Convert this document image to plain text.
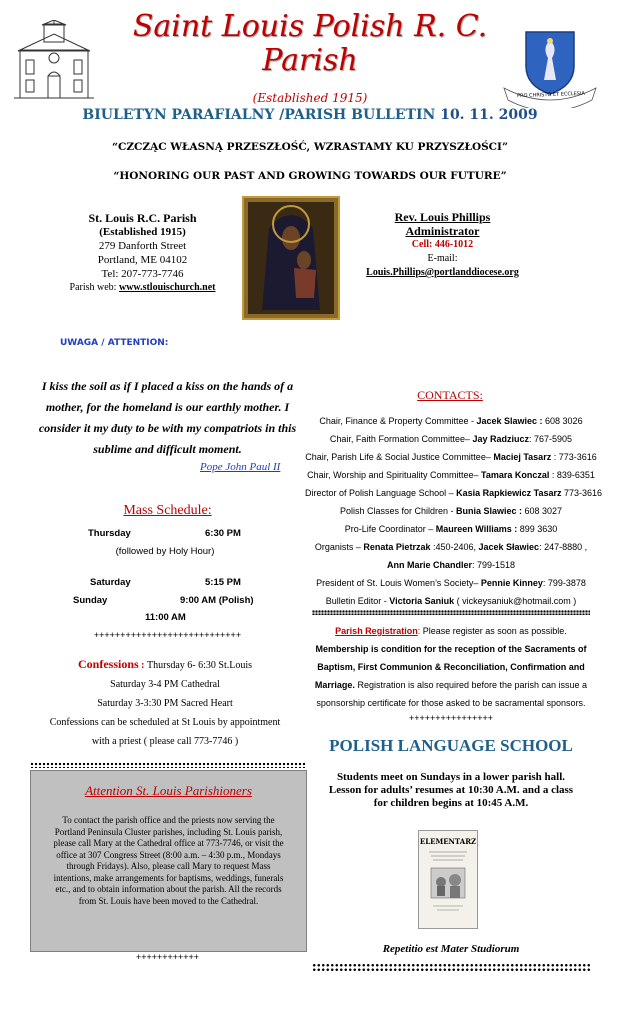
Saint Louis Polish R. C.
Parish
(Established 1915)	PRO CHRISTO ET ECCLESIA
BIULETYN PARAFIALNY /PARISH BULLETIN 10. 11. 2009
“CZCZĄC WŁASNĄ PRZESZŁOŚĆ, WZRASTAMY KU PRZYSZŁOŚCI”
“HONORING OUR PAST AND GROWING TOWARDS OUR FUTURE”
St. Louis R.C. Parish
(Established 1915)
279 Danforth Street
Portland, ME 04102
Tel: 207-773-7746
Parish web: www.stlouischurch.net
Rev. Louis Phillips
Administrator
Cell: 446-1012
E-mail:
Louis.Phillips@portlanddiocese.org
UWAGA / ATTENTION:
I kiss the soil as if I placed a kiss on the hands of a
mother, for the homeland is our earthly mother. I
consider it my duty to be with my compatriots in this
sublime and difficult moment.
Pope John Paul II
Mass Schedule:
Thursday	6:30 PM
(followed by Holy Hour)
Saturday	5:15 PM
Sunday	9:00 AM (Polish)
11:00 AM
++++++++++++++++++++++++++++
Confessions : Thursday 6- 6:30 St.Louis
Saturday 3-4 PM Cathedral
Saturday 3-3:30 PM Sacred Heart
Confessions can be scheduled at St Louis by appointment
with a priest ( please call 773-7746 )
Attention St. Louis Parishioners
To contact the parish office and the priests now serving the
Portland Peninsula Cluster parishes, including St. Louis parish,
please call Mary at the Cathedral office at 773-7746, or visit the
office at 307 Congress Street (8:00 a.m. – 4:30 p.m., Mondays
through Fridays). Also, please call Mary to request Mass
intentions, make arrangements for baptisms, weddings, funerals
etc., and to obtain information about the parish. All the records
from St. Louis have been moved to the Cathedral.
++++++++++++
CONTACTS:
Chair, Finance & Property Committee - Jacek Slawiec : 608 3026
Chair, Faith Formation Committee– Jay Radziucz: 767-5905
Chair, Parish Life & Social Justice Committee– Maciej Tasarz : 773-3616
Chair, Worship and Spirituality Committee– Tamara Konczal : 839-6351
Director of Polish Language School – Kasia Rapkiewicz Tasarz 773-3616
Polish Classes for Children - Bunia Slawiec : 608 3027
Pro-Life Coordinator – Maureen Williams : 899 3630
Organists – Renata Pietrzak :450-2406, Jacek Sławiec: 247-8880 ,
Ann Marie Chandler: 799-1518
President of St. Louis Women’s Society– Pennie Kinney: 799-3878
Bulletin Editor - Victoria Saniuk ( vickeysaniuk@hotmail.com )
Parish Registration: Please register as soon as possible. Membership is condition for the reception of the Sacraments of Baptism, First Communion & Reconciliation, Confirmation and Marriage. Registration is also required before the parish can issue a sponsorship certificate for those asked to be sacramental sponsors.
++++++++++++++++
POLISH LANGUAGE SCHOOL
Students meet on Sundays in a lower parish hall.
Lesson for adults’ resumes at 10:30 A.M. and a class
for children begins at 10:45 A.M.
ELEMENTARZ
Repetitio est Mater Studiorum
